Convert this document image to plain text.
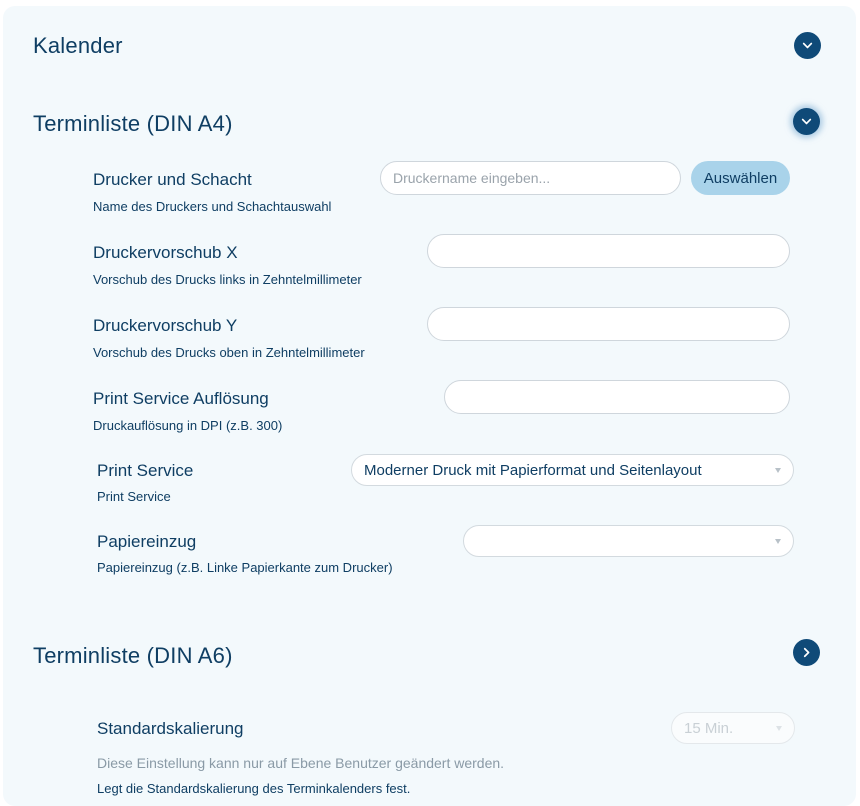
Kalender
Terminliste (DIN A4)
Drucker und Schacht
Name des Druckers und Schachtauswahl
Druckername eingeben...
Auswählen
Druckervorschub X
Vorschub des Drucks links in Zehntelmillimeter
Druckervorschub Y
Vorschub des Drucks oben in Zehntelmillimeter
Print Service Auflösung
Druckauflösung in DPI (z.B. 300)
Print Service
Print Service
Moderner Druck mit Papierformat und Seitenlayout
Papiereinzug
Papiereinzug (z.B. Linke Papierkante zum Drucker)
Terminliste (DIN A6)
Standardskalierung
Diese Einstellung kann nur auf Ebene Benutzer geändert werden.
Legt die Standardskalierung des Terminkalenders fest.
15 Min.
